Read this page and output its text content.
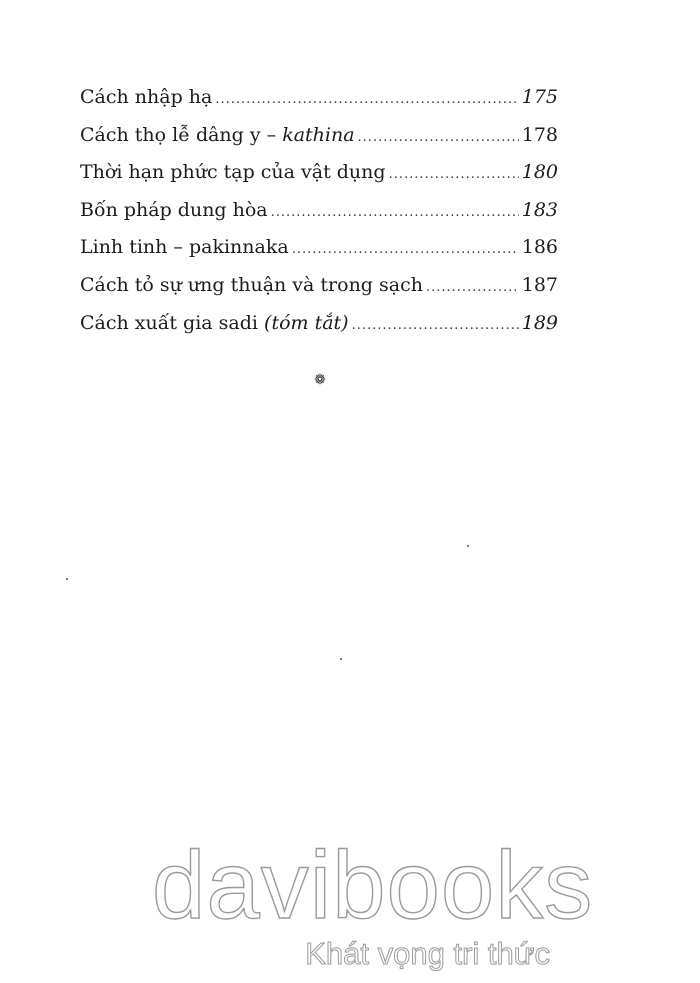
Cách nhập hạ .....	175
Cách thọ lễ dâng y – kathina .....	178
Thời hạn phức tạp của vật dụng .....	180
Bốn pháp dung hòa .....	183
Linh tinh – pakinnaka .....	186
Cách tỏ sự ưng thuận và trong sạch .....	187
Cách xuất gia sadi (tóm tắt) .....	189
❁
davibooks
Khát vọng tri thức
